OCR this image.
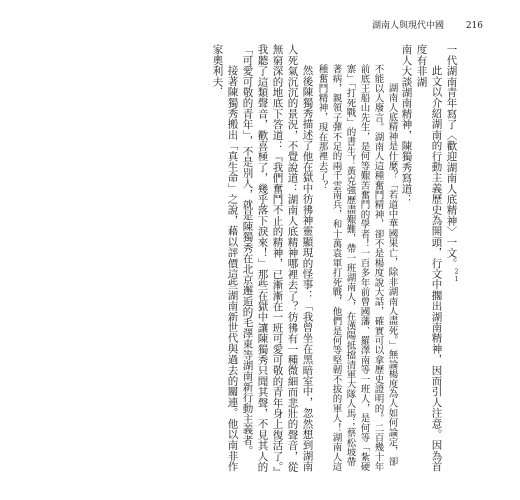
湖南人與現代中國 216

一代湖南青年寫了〈歡迎湖南人底精神〉一文。$^{21}$

此文以介紹湖南的行動主義歷史為開頭，行文中擱出湖南精神，因而引人注意。因為首度有非湖

南人大談湖南精神，陳獨秀寫道：

湖南人底精神是什麼？「若道中華國果亡，除非湖南人盡死。」無論楊度為人如何論定，卻不能以人廢言。湖南人這種奮鬥精神，卻不是楊度說大話，確實可以拿歷史證明的。二百幾十年前底王船山先生，是何等艱苦奮鬥的學者！一百多年前曾國藩、羅澤南等一班人，是何等「紮硬寨」「打死戰」的書生！黃克強歷盡艱難，帶一班湖南人，在漢陽抵擋清軍大隊人馬；蔡松坡帶著病，親領子彈不足的兩千雲南兵，和十萬袁軍打死戰，他們是何等堅韌不拔的軍人！湖南人這種奮鬥精神，現在那裡去了？

然後陳獨秀描述了他在獄中彷彿神靈顯現的怪事：「我曾坐在黑暗室中，忽然想到湖南人死氣沉沉的景況，不覺說道：湖南人底精神哪裡去了？彷彿有一種微細而悲壯的聲音，從無窮深的地底下答道：『我們奮鬥不止的精神，已漸漸在一班可愛可敬的青年身上復活了。』我聽了這類聲音，歡喜極了，幾乎落下淚來！」那些在獄中讓陳獨秀只聞其聲，不見其人的「可愛可敬的青年」，不是別人，就是陳獨秀在北京邂逅的毛澤東等湖南新行動主義者。

接著陳獨秀搬出「真生命」之說，藉以評價這些湖南新世代與過去的關連。他以南非作家奧利夫．
